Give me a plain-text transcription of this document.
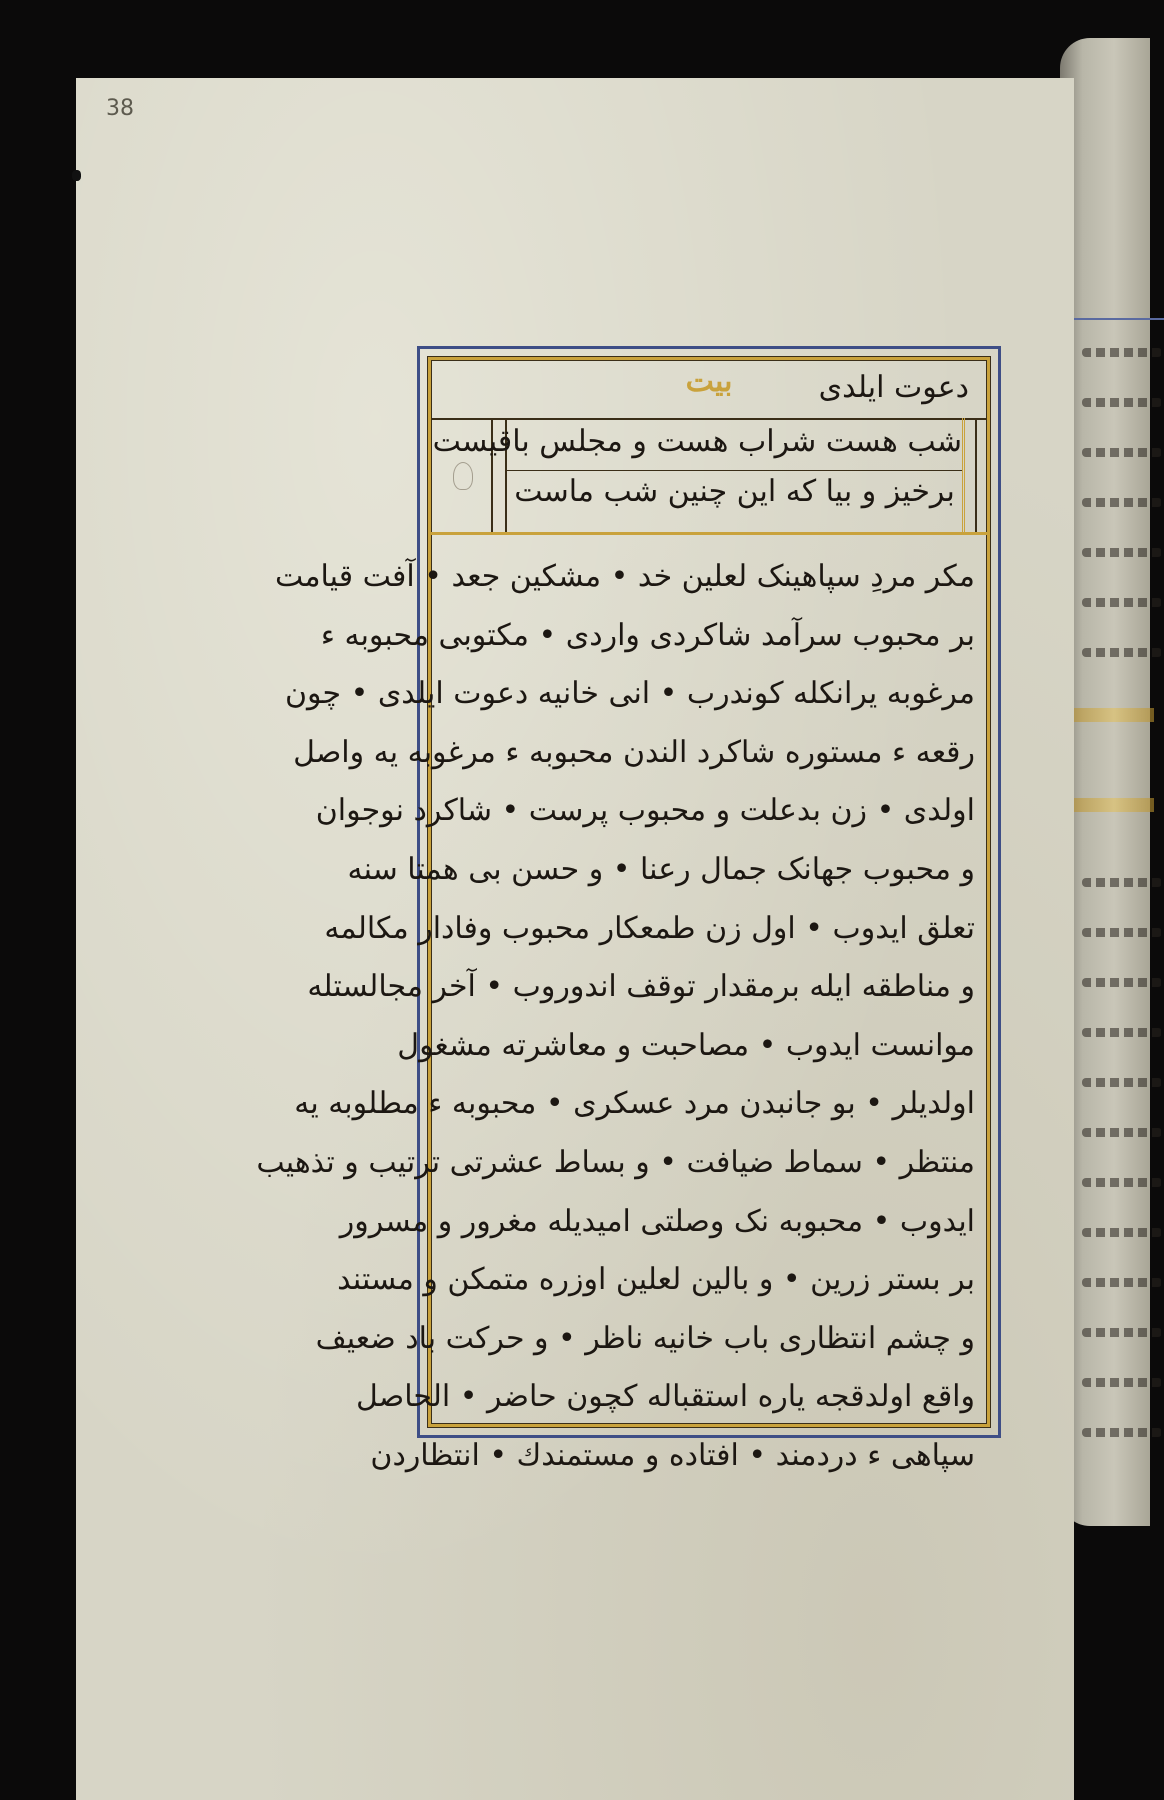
38
دعوت ایلدی
بیت
شب هست شراب هست و مجلس باقیست
برخیز و بیا که این چنین شب ماست
مکر مردِ سپاهینک لعلین خد • مشکین جعد • آفت قیامت
بر محبوب سرآمد شاکردی واردی • مکتوبی محبوبه ء
مرغوبه یرانکله کوندرب • انی خانیه دعوت ایلدی • چون
رقعه ء مستوره شاکرد الندن محبوبه ء مرغوبه یه واصل
اولدی • زن بدعلت و محبوب پرست • شاکرد نوجوان
و محبوب جهانک جمال رعنا • و حسن بی همتا سنه
تعلق ایدوب • اول زن طمعکار محبوب وفادار مکالمه
و مناطقه ایله برمقدار توقف اندوروب • آخر مجالستله
موانست ایدوب • مصاحبت و معاشرته مشغول
اولدیلر • بو جانبدن مرد عسکری • محبوبه ء مطلوبه یه
منتظر • سماط ضیافت • و بساط عشرتی ترتیب و تذهیب
ایدوب • محبوبه نک وصلتی امیدیله مغرور و مسرور
بر بستر زرین • و بالین لعلین اوزره متمکن و مستند
و چشم انتظاری باب خانیه ناظر • و حرکت باد ضعیف
واقع اولدقجه یاره استقباله کچون حاضر • الحاصل
سپاهی ء دردمند • افتاده و مستمندك • انتظاردن
